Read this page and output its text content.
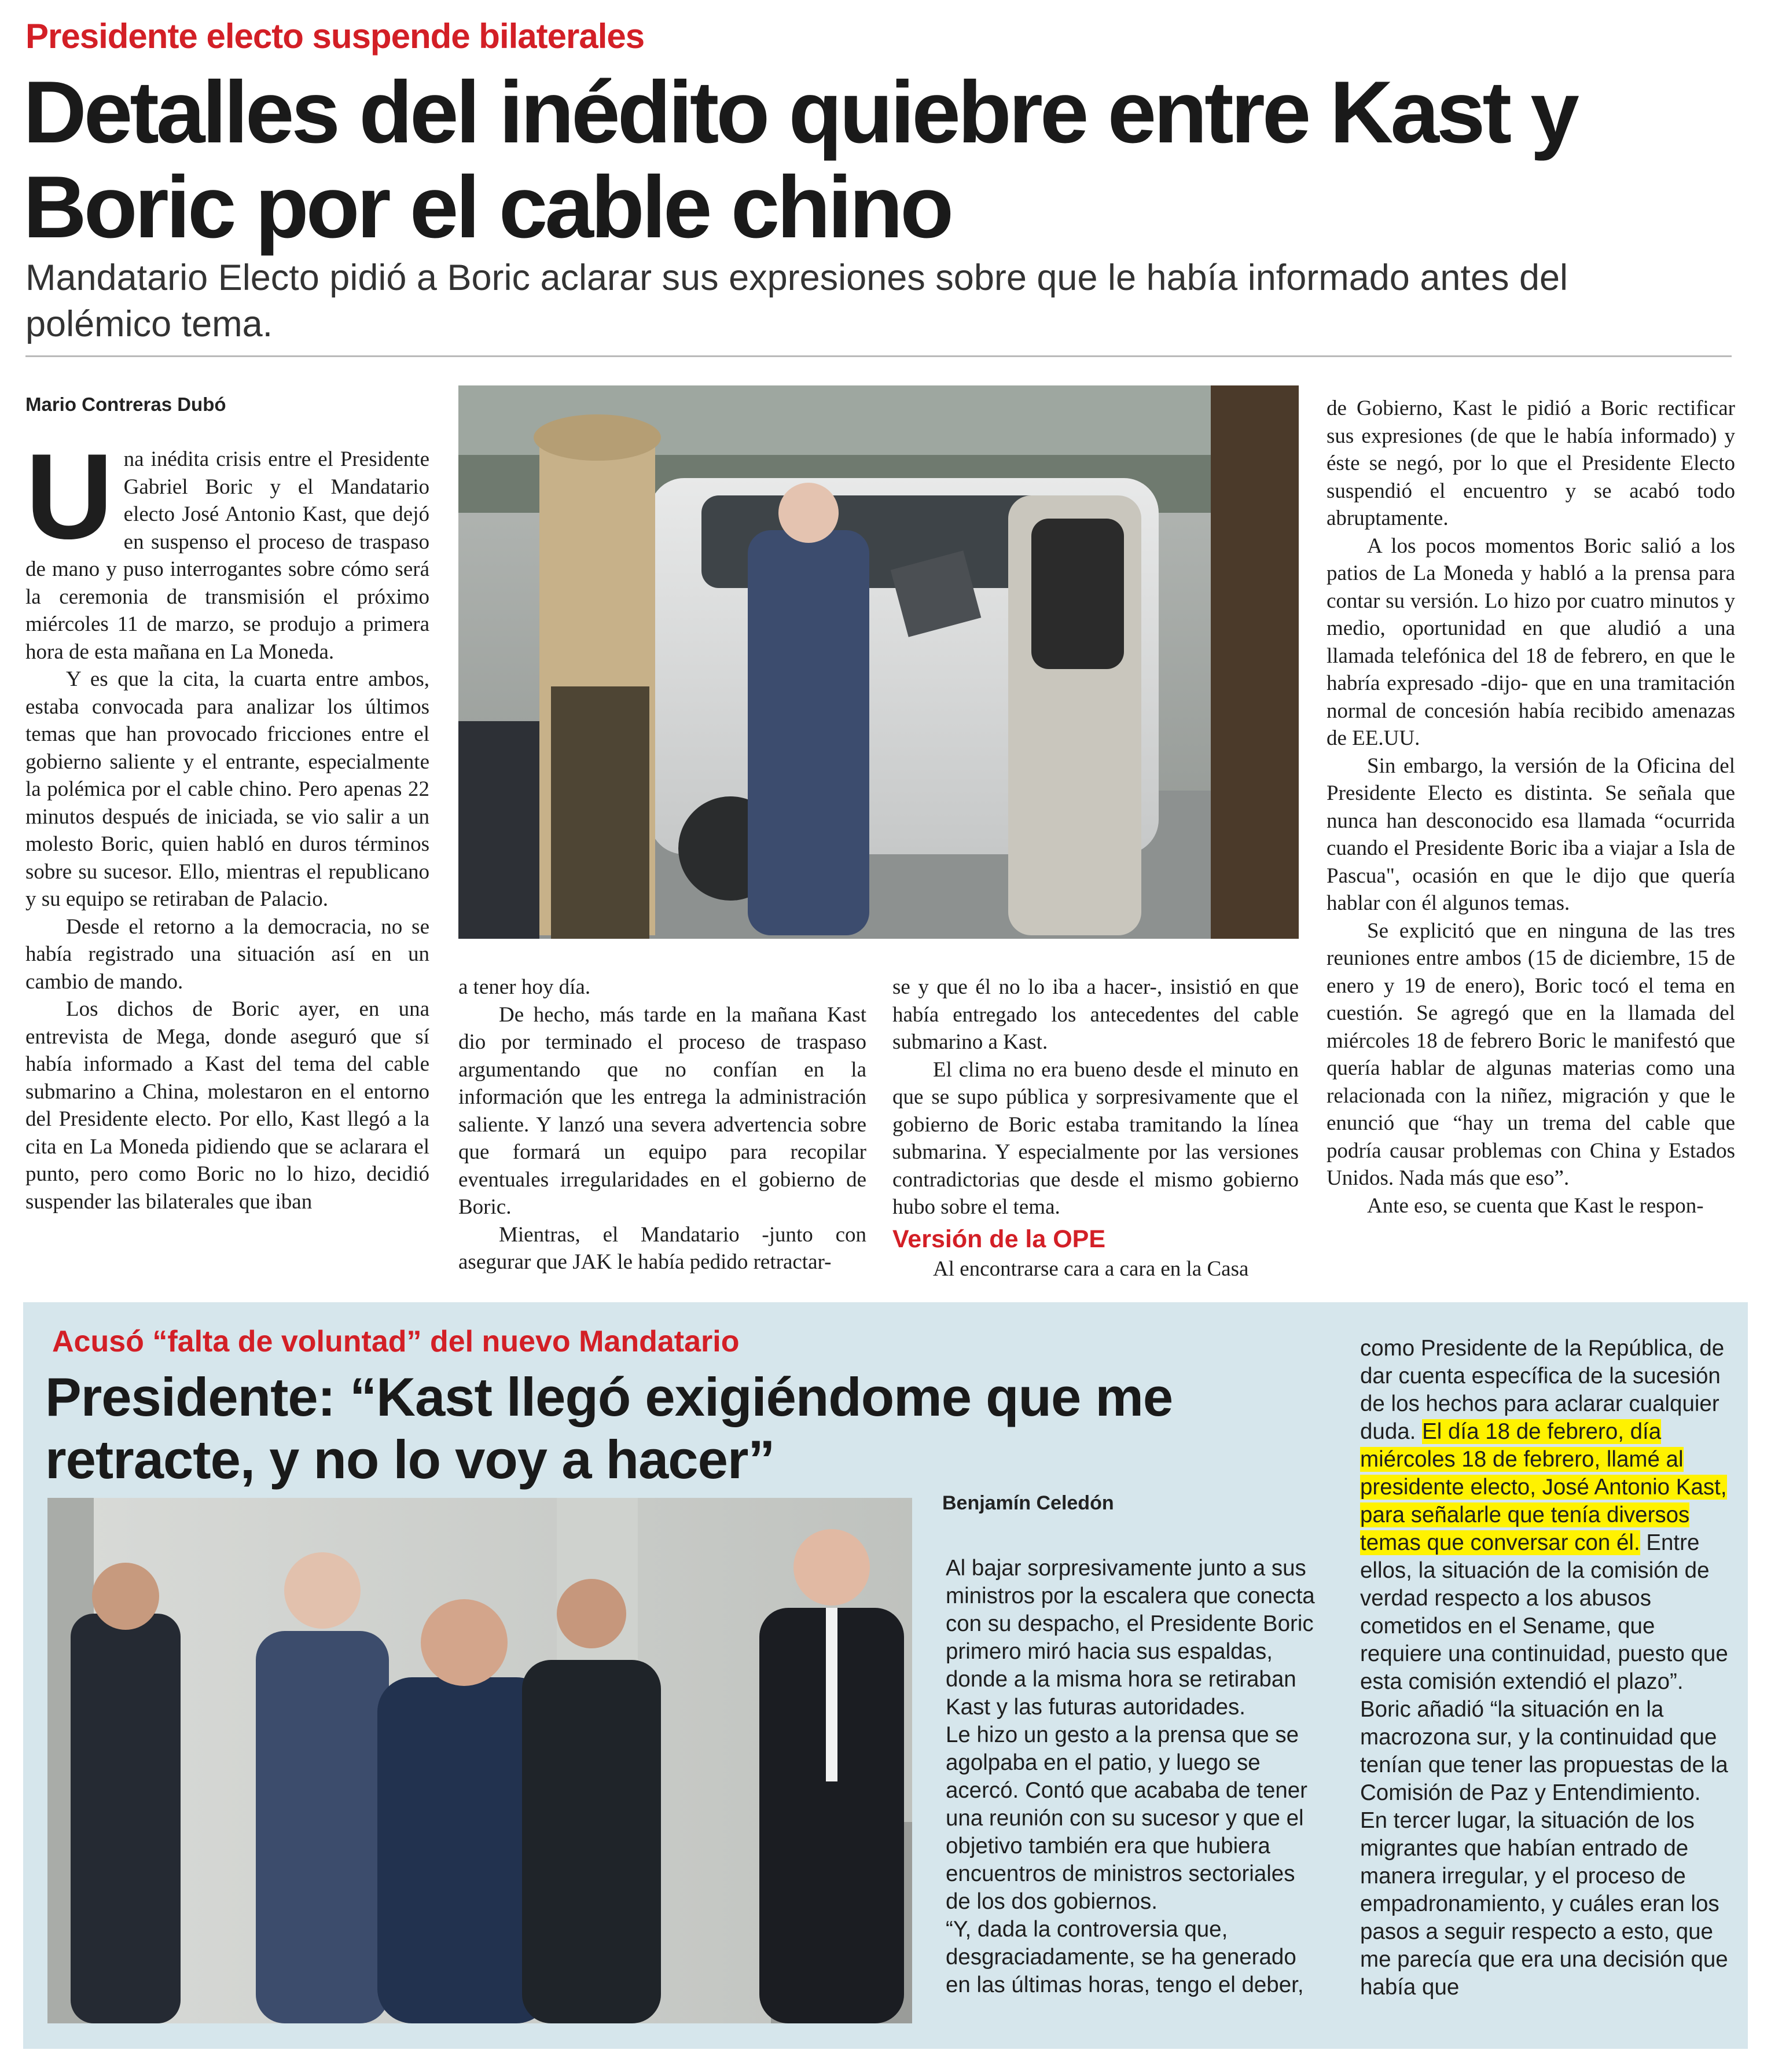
Presidente electo suspende bilaterales
Detalles del inédito quiebre entre Kast y Boric por el cable chino
Mandatario Electo pidió a Boric aclarar sus expresiones sobre que le había informado antes del polémico tema.
Mario Contreras Dubó

Una inédita crisis entre el Presidente Gabriel Boric y el Mandatario electo José Antonio Kast, que dejó en suspenso el proceso de traspaso de mano y puso interrogantes sobre cómo será la ceremonia de transmisión el próximo miércoles 11 de marzo, se produjo a primera hora de esta mañana en La Moneda.

Y es que la cita, la cuarta entre ambos, estaba convocada para analizar los últimos temas que han provocado fricciones entre el gobierno saliente y el entrante, especialmente la polémica por el cable chino. Pero apenas 22 minutos después de iniciada, se vio salir a un molesto Boric, quien habló en duros términos sobre su sucesor. Ello, mientras el republicano y su equipo se retiraban de Palacio.

Desde el retorno a la democracia, no se había registrado una situación así en un cambio de mando.

Los dichos de Boric ayer, en una entrevista de Mega, donde aseguró que sí había informado a Kast del tema del cable submarino a China, molestaron en el entorno del Presidente electo. Por ello, Kast llegó a la cita en La Moneda pidiendo que se aclarara el punto, pero como Boric no lo hizo, decidió suspender las bilaterales que iban

a tener hoy día.

De hecho, más tarde en la mañana Kast dio por terminado el proceso de traspaso argumentando que no confían en la información que les entrega la administración saliente. Y lanzó una severa advertencia sobre que formará un equipo para recopilar eventuales irregularidades en el gobierno de Boric.

Mientras, el Mandatario -junto con asegurar que JAK le había pedido retractar-

se y que él no lo iba a hacer-, insistió en que había entregado los antecedentes del cable submarino a Kast.

El clima no era bueno desde el minuto en que se supo pública y sorpresivamente que el gobierno de Boric estaba tramitando la línea submarina. Y especialmente por las versiones contradictorias que desde el mismo gobierno hubo sobre el tema.

Versión de la OPE

Al encontrarse cara a cara en la Casa

de Gobierno, Kast le pidió a Boric rectificar sus expresiones (de que le había informado) y éste se negó, por lo que el Presidente Electo suspendió el encuentro y se acabó todo abruptamente.

A los pocos momentos Boric salió a los patios de La Moneda y habló a la prensa para contar su versión. Lo hizo por cuatro minutos y medio, oportunidad en que aludió a una llamada telefónica del 18 de febrero, en que le habría expresado -dijo- que en una tramitación normal de concesión había recibido amenazas de EE.UU.

Sin embargo, la versión de la Oficina del Presidente Electo es distinta. Se señala que nunca han desconocido esa llamada “ocurrida cuando el Presidente Boric iba a viajar a Isla de Pascua", ocasión en que le dijo que quería hablar con él algunos temas.

Se explicitó que en ninguna de las tres reuniones entre ambos (15 de diciembre, 15 de enero y 19 de enero), Boric tocó el tema en cuestión. Se agregó que en la llamada del miércoles 18 de febrero Boric le manifestó que quería hablar de algunas materias como una relacionada con la niñez, migración y que le enunció que “hay un trema del cable que podría causar problemas con China y Estados Unidos. Nada más que eso”.

Ante eso, se cuenta que Kast le respon-

Acusó “falta de voluntad” del nuevo Mandatario
Presidente: “Kast llegó exigiéndome que me retracte, y no lo voy a hacer”
Benjamín Celedón

Al bajar sorpresivamente junto a sus ministros por la escalera que conecta con su despacho, el Presidente Boric primero miró hacia sus espaldas, donde a la misma hora se retiraban Kast y las futuras autoridades.

Le hizo un gesto a la prensa que se agolpaba en el patio, y luego se acercó. Contó que acababa de tener una reunión con su sucesor y que el objetivo también era que hubiera encuentros de ministros sectoriales de los dos gobiernos.

“Y, dada la controversia que, desgraciadamente, se ha generado en las últimas horas, tengo el deber,

como Presidente de la República, de dar cuenta específica de la sucesión de los hechos para aclarar cualquier duda. El día 18 de febrero, día miércoles 18 de febrero, llamé al presidente electo, José Antonio Kast, para señalarle que tenía diversos temas que conversar con él. Entre ellos, la situación de la comisión de verdad respecto a los abusos cometidos en el Sename, que requiere una continuidad, puesto que esta comisión extendió el plazo”.

Boric añadió “la situación en la macrozona sur, y la continuidad que tenían que tener las propuestas de la Comisión de Paz y Entendimiento. En tercer lugar, la situación de los migrantes que habían entrado de manera irregular, y el proceso de empadronamiento, y cuáles eran los pasos a seguir respecto a esto, que me parecía que era una decisión que había que
